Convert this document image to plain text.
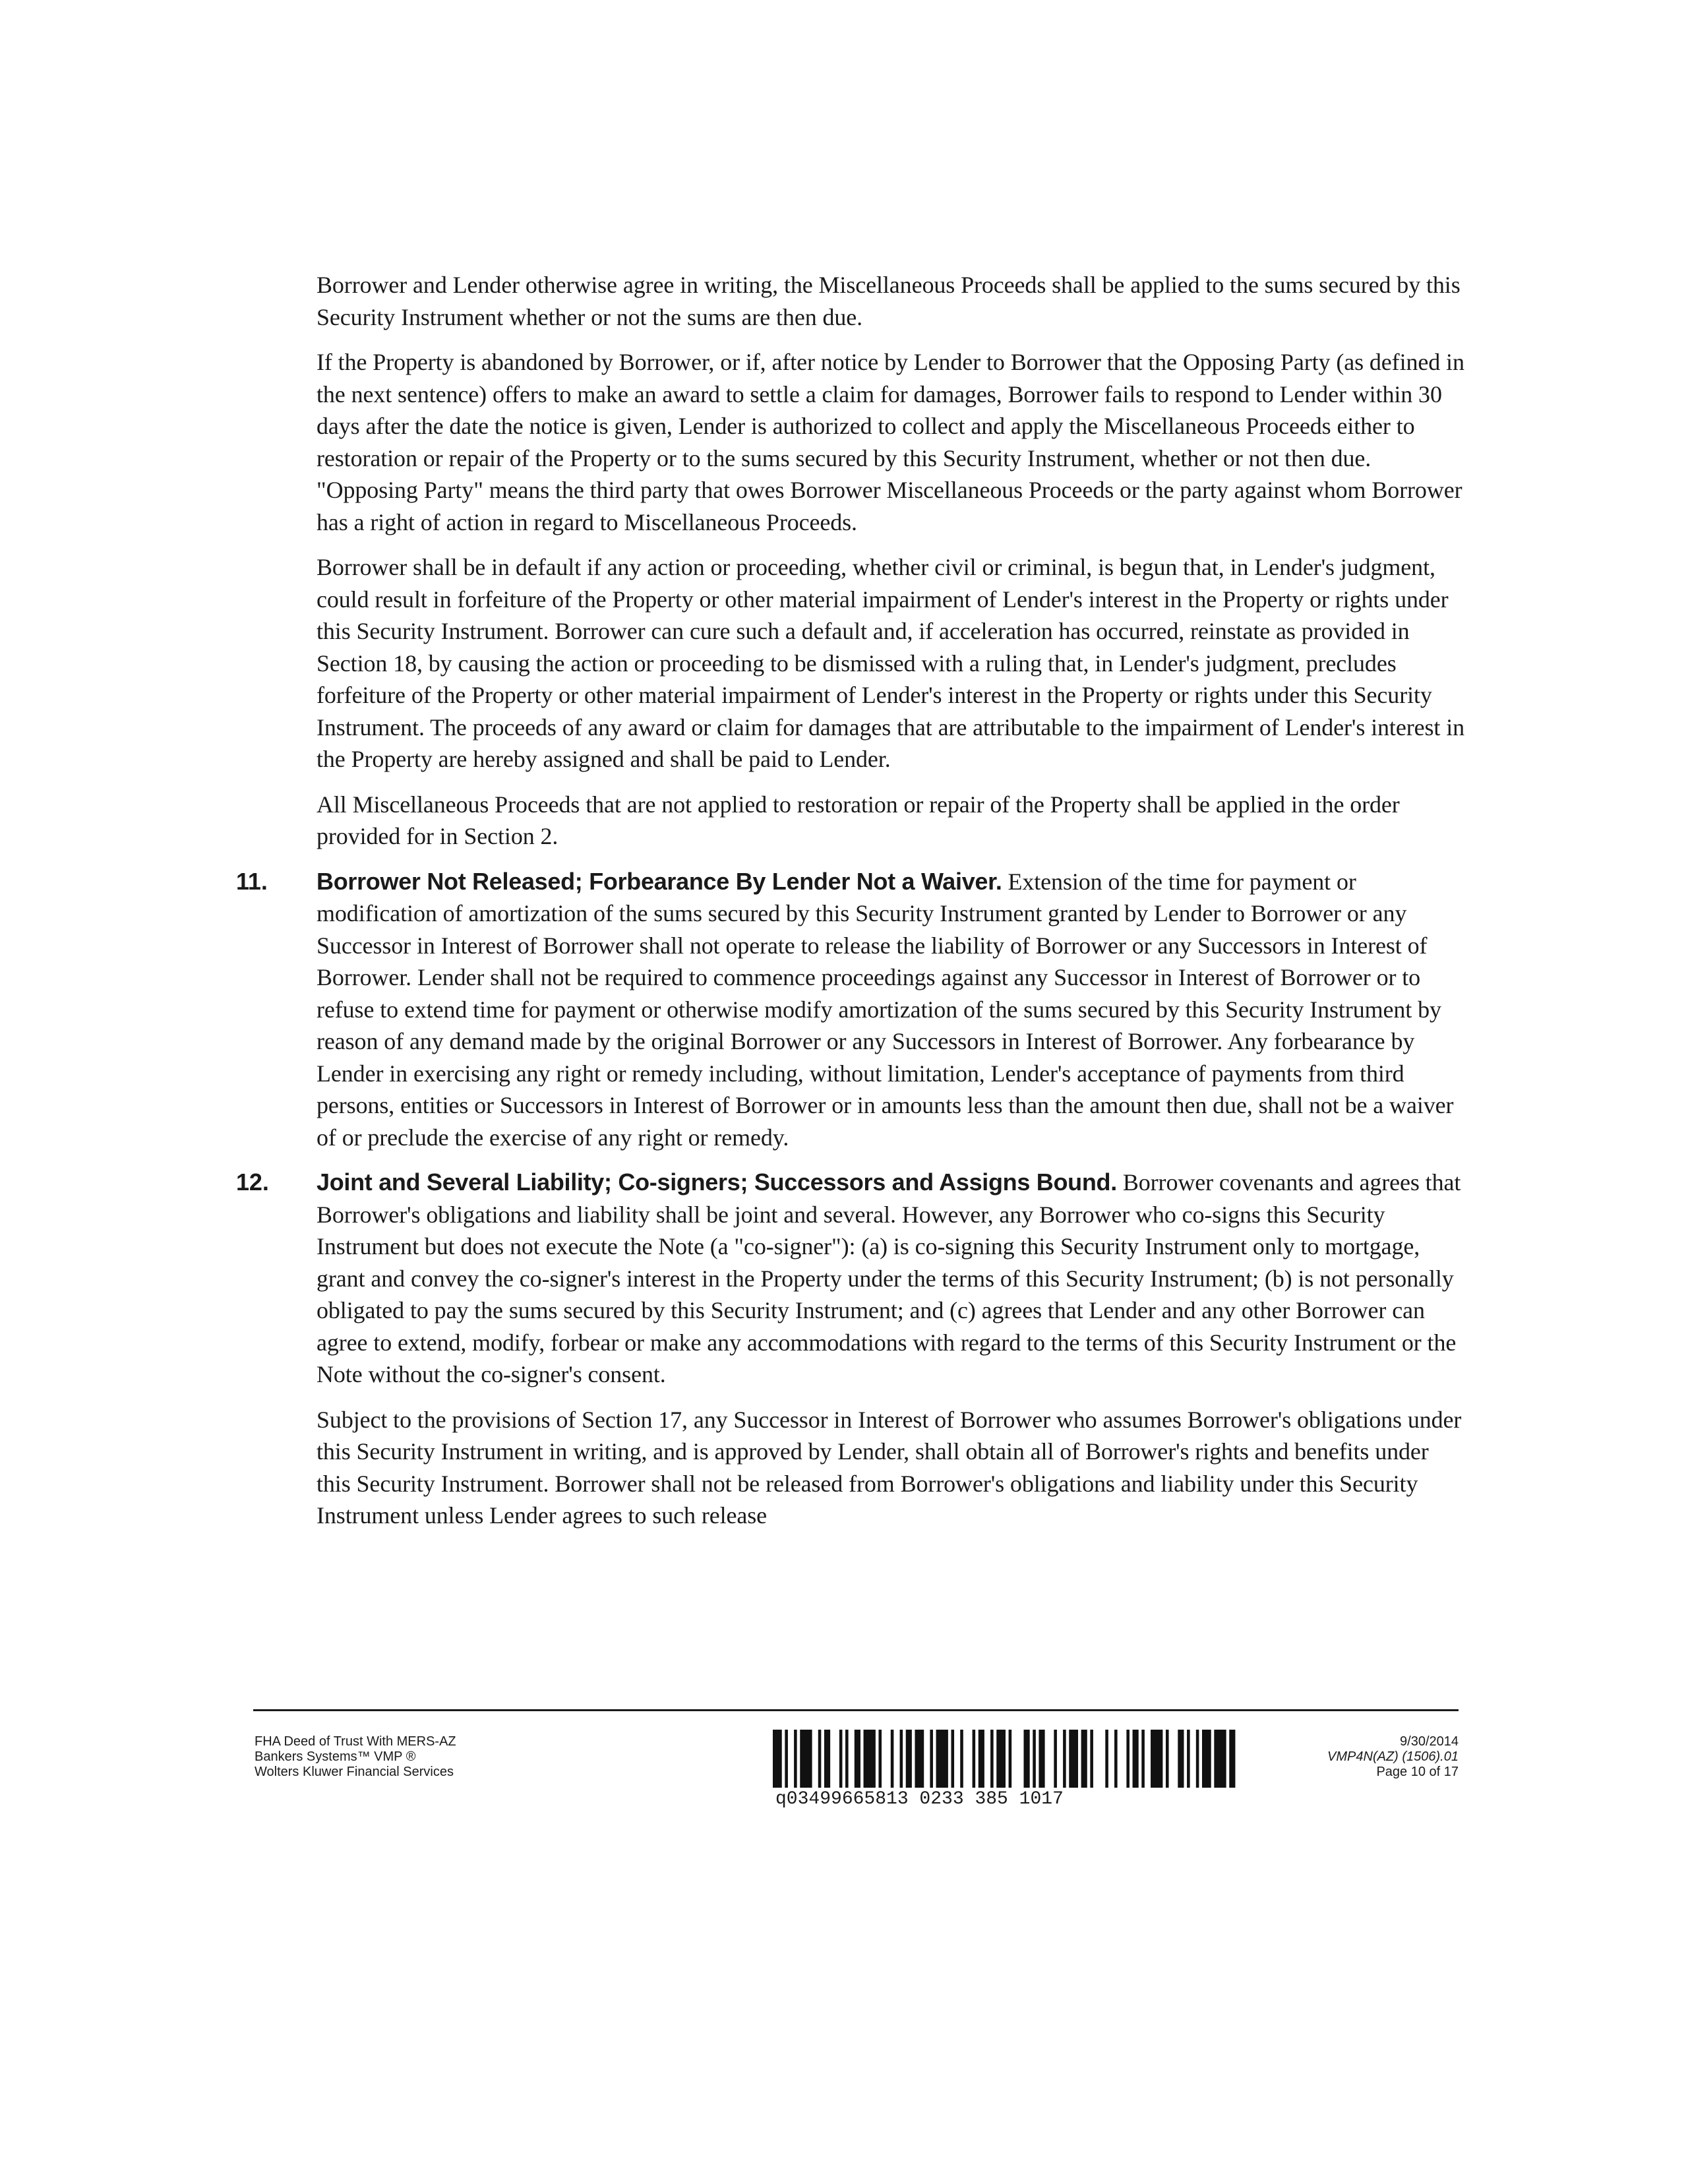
Borrower and Lender otherwise agree in writing, the Miscellaneous Proceeds shall be applied to the sums secured by this Security Instrument whether or not the sums are then due.

If the Property is abandoned by Borrower, or if, after notice by Lender to Borrower that the Opposing Party (as defined in the next sentence) offers to make an award to settle a claim for damages, Borrower fails to respond to Lender within 30 days after the date the notice is given, Lender is authorized to collect and apply the Miscellaneous Proceeds either to restoration or repair of the Property or to the sums secured by this Security Instrument, whether or not then due. "Opposing Party" means the third party that owes Borrower Miscellaneous Proceeds or the party against whom Borrower has a right of action in regard to Miscellaneous Proceeds.

Borrower shall be in default if any action or proceeding, whether civil or criminal, is begun that, in Lender's judgment, could result in forfeiture of the Property or other material impairment of Lender's interest in the Property or rights under this Security Instrument. Borrower can cure such a default and, if acceleration has occurred, reinstate as provided in Section 18, by causing the action or proceeding to be dismissed with a ruling that, in Lender's judgment, precludes forfeiture of the Property or other material impairment of Lender's interest in the Property or rights under this Security Instrument. The proceeds of any award or claim for damages that are attributable to the impairment of Lender's interest in the Property are hereby assigned and shall be paid to Lender.

All Miscellaneous Proceeds that are not applied to restoration or repair of the Property shall be applied in the order provided for in Section 2.

11. Borrower Not Released; Forbearance By Lender Not a Waiver. Extension of the time for payment or modification of amortization of the sums secured by this Security Instrument granted by Lender to Borrower or any Successor in Interest of Borrower shall not operate to release the liability of Borrower or any Successors in Interest of Borrower. Lender shall not be required to commence proceedings against any Successor in Interest of Borrower or to refuse to extend time for payment or otherwise modify amortization of the sums secured by this Security Instrument by reason of any demand made by the original Borrower or any Successors in Interest of Borrower. Any forbearance by Lender in exercising any right or remedy including, without limitation, Lender's acceptance of payments from third persons, entities or Successors in Interest of Borrower or in amounts less than the amount then due, shall not be a waiver of or preclude the exercise of any right or remedy.
12. Joint and Several Liability; Co-signers; Successors and Assigns Bound. Borrower covenants and agrees that Borrower's obligations and liability shall be joint and several. However, any Borrower who co-signs this Security Instrument but does not execute the Note (a "co-signer"): (a) is co-signing this Security Instrument only to mortgage, grant and convey the co-signer's interest in the Property under the terms of this Security Instrument; (b) is not personally obligated to pay the sums secured by this Security Instrument; and (c) agrees that Lender and any other Borrower can agree to extend, modify, forbear or make any accommodations with regard to the terms of this Security Instrument or the Note without the co-signer's consent.

Subject to the provisions of Section 17, any Successor in Interest of Borrower who assumes Borrower's obligations under this Security Instrument in writing, and is approved by Lender, shall obtain all of Borrower's rights and benefits under this Security Instrument. Borrower shall not be released from Borrower's obligations and liability under this Security Instrument unless Lender agrees to such release

FHA Deed of Trust With MERS-AZ
Bankers Systems™ VMP ®
Wolters Kluwer Financial Services
q03499665813 0233 385 1017
9/30/2014
VMP4N(AZ) (1506).01
Page 10 of 17
